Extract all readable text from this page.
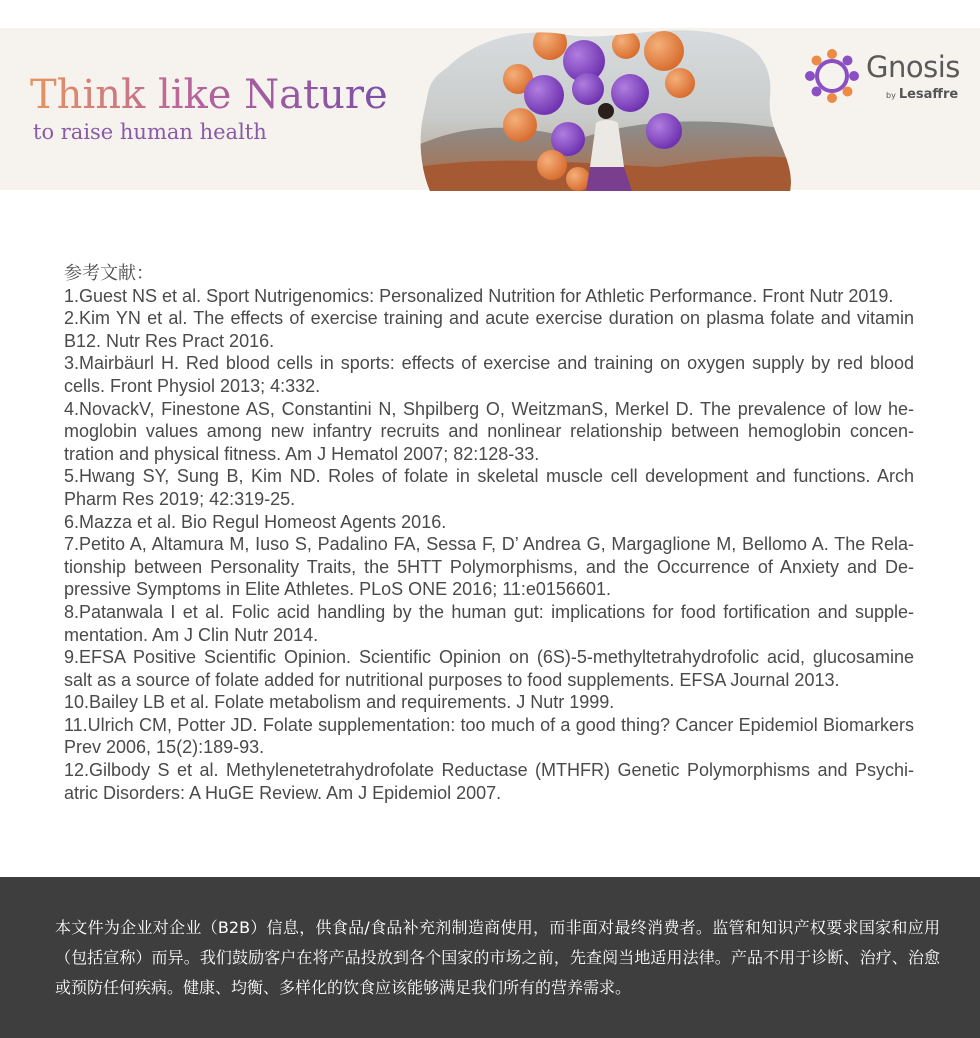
Think like Nature
to raise human health
Gnosis
by Lesaffre
参考文献：
1.Guest NS et al. Sport Nutrigenomics: Personalized Nutrition for Athletic Performance. Front Nutr 2019.
2.Kim YN et al. The effects of exercise training and acute exercise duration on plasma folate and vitamin B12. Nutr Res Pract 2016.
3.Mairbäurl H. Red blood cells in sports: effects of exercise and training on oxygen supply by red blood cells. Front Physiol 2013; 4:332.
4.NovackV, Finestone AS, Constantini N, Shpilberg O, WeitzmanS, Merkel D. The prevalence of low hemoglobin values among new infantry recruits and nonlinear relationship between hemoglobin concentration and physical fitness. Am J Hematol 2007; 82:128-33.
5.Hwang SY, Sung B, Kim ND. Roles of folate in skeletal muscle cell development and functions. Arch Pharm Res 2019; 42:319-25.
6.Mazza et al. Bio Regul Homeost Agents 2016.
7.Petito A, Altamura M, Iuso S, Padalino FA, Sessa F, D’ Andrea G, Margaglione M, Bellomo A. The Relationship between Personality Traits, the 5HTT Polymorphisms, and the Occurrence of Anxiety and Depressive Symptoms in Elite Athletes. PLoS ONE 2016; 11:e0156601.
8.Patanwala I et al. Folic acid handling by the human gut: implications for food fortification and supplementation. Am J Clin Nutr 2014.
9.EFSA Positive Scientific Opinion. Scientific Opinion on (6S)-5-methyltetrahydrofolic acid, glucosamine salt as a source of folate added for nutritional purposes to food supplements. EFSA Journal 2013.
10.Bailey LB et al. Folate metabolism and requirements. J Nutr 1999.
11.Ulrich CM, Potter JD. Folate supplementation: too much of a good thing? Cancer Epidemiol Biomarkers Prev 2006, 15(2):189-93.
12.Gilbody S et al. Methylenetetrahydrofolate Reductase (MTHFR) Genetic Polymorphisms and Psychiatric Disorders: A HuGE Review. Am J Epidemiol 2007.
本文件为企业对企业（B2B）信息，供食品/食品补充剂制造商使用，而非面对最终消费者。监管和知识产权要求国家和应用（包括宣称）而异。我们鼓励客户在将产品投放到各个国家的市场之前，先查阅当地适用法律。产品不用于诊断、治疗、治愈或预防任何疾病。健康、均衡、多样化的饮食应该能够满足我们所有的营养需求。
